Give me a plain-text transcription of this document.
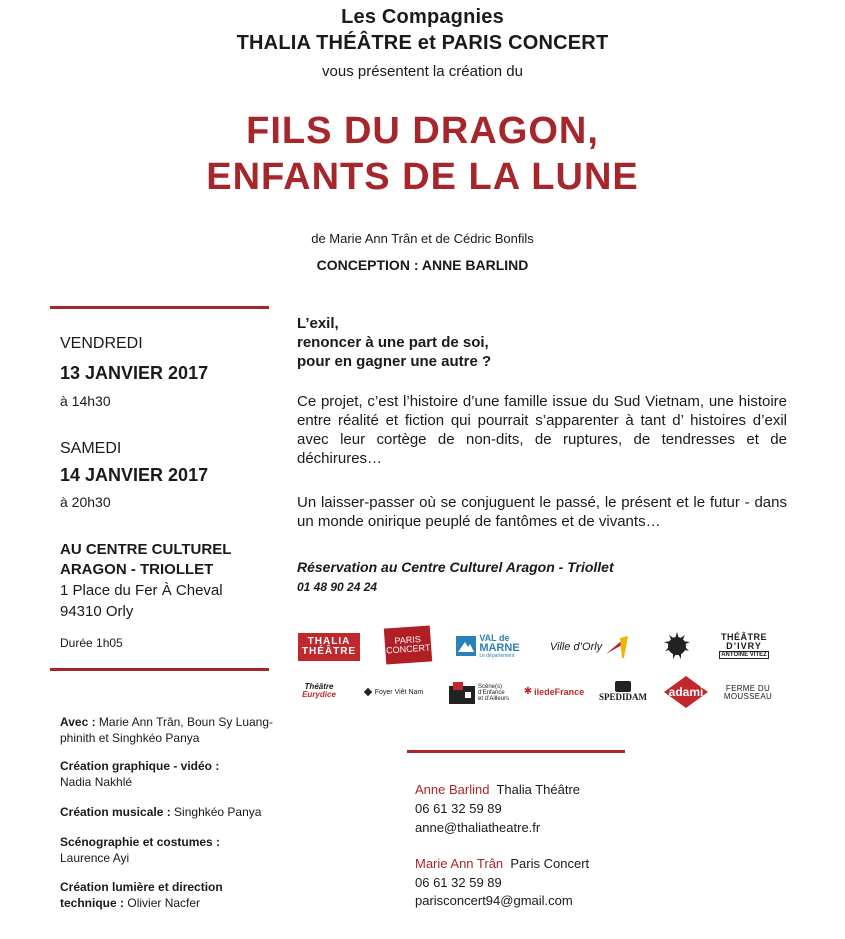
Les Compagnies
THALIA THÉÂTRE et PARIS CONCERT
vous présentent la création du
FILS DU DRAGON,
ENFANTS DE LA LUNE
de Marie Ann Trân et de Cédric Bonfils
CONCEPTION : ANNE BARLIND
VENDREDI
13 JANVIER 2017
à 14h30
SAMEDI
14 JANVIER 2017
à 20h30
AU CENTRE CULTUREL
ARAGON - TRIOLLET
1 Place du Fer À Cheval
94310 Orly
Durée 1h05
Avec : Marie Ann Trân, Boun Sy Luang-
phinith et Singhkéo Panya
Création graphique - vidéo :
Nadia Nakhlé
Création musicale : Singhkéo Panya
Scénographie et costumes :
Laurence Ayi
Création lumière et direction
technique : Olivier Nacfer
L’exil,
renoncer à une part de soi,
pour en gagner une autre ?
Ce projet, c’est l’histoire d’une famille issue du Sud Vietnam, une histoire entre réalité et fiction qui pourrait s’apparenter à tant d’ histoires d’exil avec leur cortège de non-dits, de ruptures, de tendresses et de déchirures…
Un laisser-passer où se conjuguent le passé, le présent et le futur - dans un monde onirique peuplé de fantômes et de vivants…
Réservation au Centre Culturel Aragon - Triollet
01 48 90 24 24
THALIA
THÉÂTRE
PARIS
CONCERT
VAL de
MARNE
Le département
Ville d’Orly
THÉÂTRE
D’IVRY
ANTOINE VITEZ
Théâtre
Eurydice	Foyer Viêt Nam
Scène(s)
d’Enfance
et d’Ailleurs
✱ iledeFrance SPEDIDAM adami	FERME DU
MOUSSEAU
Anne Barlind Thalia Théâtre
06 61 32 59 89
anne@thaliatheatre.fr
Marie Ann Trân Paris Concert
06 61 32 59 89
parisconcert94@gmail.com
